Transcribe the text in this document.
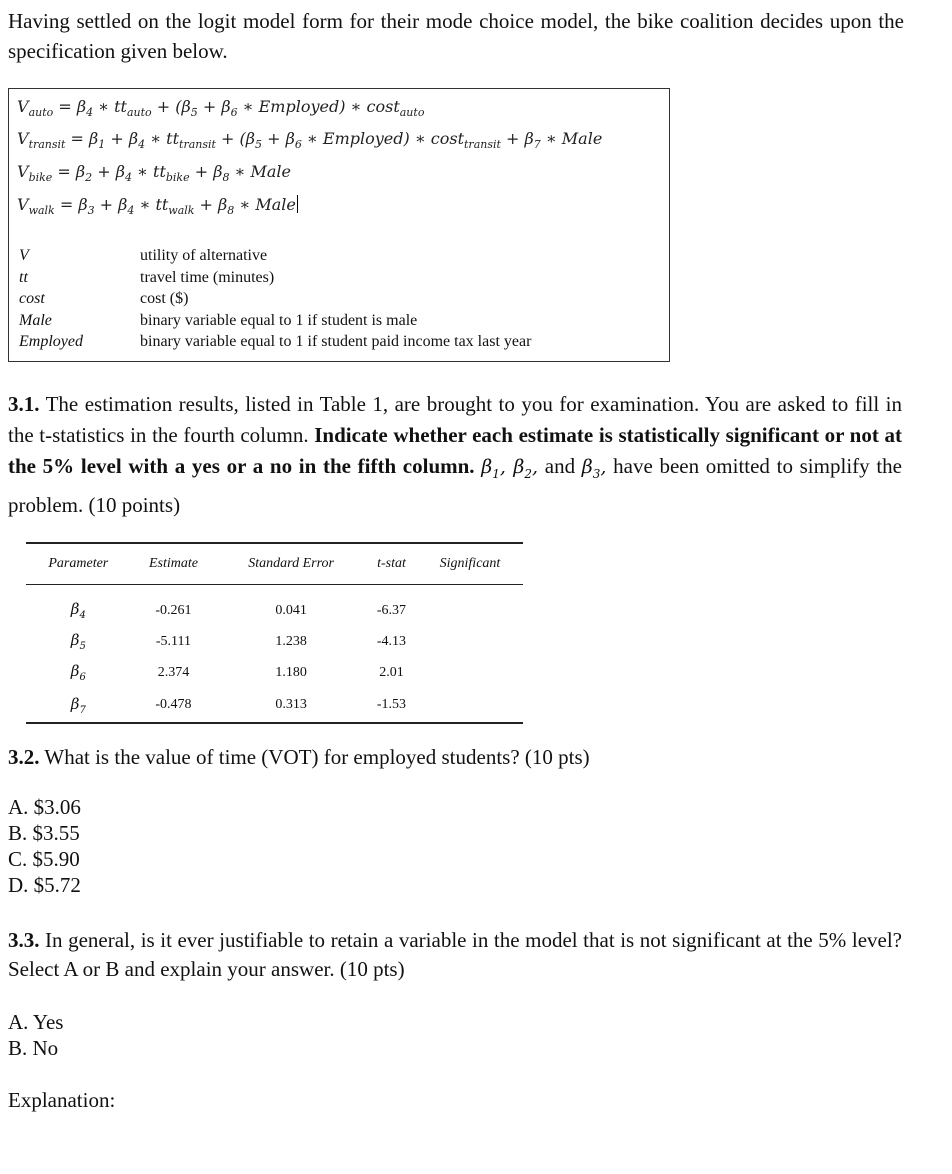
Having settled on the logit model form for their mode choice model, the bike coalition decides upon the specification given below.

$V_{auto} = \beta_4$ ∗ $tt_{auto} + (\beta_5 + \beta_6$ ∗ Employed) ∗ cost$_{auto}$
$V_{transit} = \beta_1 + \beta_4$ ∗ $tt_{transit} + (\beta_5 + \beta_6$ ∗ Employed) ∗ $\cos t_{transit} + \beta_7$ ∗ Male
$V_{bike} = \beta_2 + \beta_4$ ∗ $tt_{bike} + \beta_8$ ∗ Male
$V_{walk} = \beta_3 + \beta_4$ ∗ $tt_{walk} + \beta_8$ ∗ Male
V	utility of alternative
tt	travel time (minutes)
cost	cost ($)
Male	binary variable equal to 1 if student is male
Employed	binary variable equal to 1 if student paid income tax last year

3.1. The estimation results, listed in Table 1, are brought to you for examination. You are asked to fill in the t-statistics in the fourth column. Indicate whether each estimate is statistically significant or not at the 5% level with a yes or a no in the fifth column. $\beta_1$, $\beta_2$, and $\beta_3$, have been omitted to simplify the problem. (10 points)

Parameter	Estimate	Standard Error	t-stat	Significant
$\beta_4$	-0.261	0.041	-6.37	
$\beta_5$	-5.111	1.238	-4.13	
$\beta_6$	2.374	1.180	2.01	
$\beta_7$	-0.478	0.313	-1.53	

3.2. What is the value of time (VOT) for employed students? (10 pts)

A. $3.06
B. $3.55
C. $5.90
D. $5.72

3.3. In general, is it ever justifiable to retain a variable in the model that is not significant at the 5% level? Select A or B and explain your answer. (10 pts)

A. Yes
B. No

Explanation:
